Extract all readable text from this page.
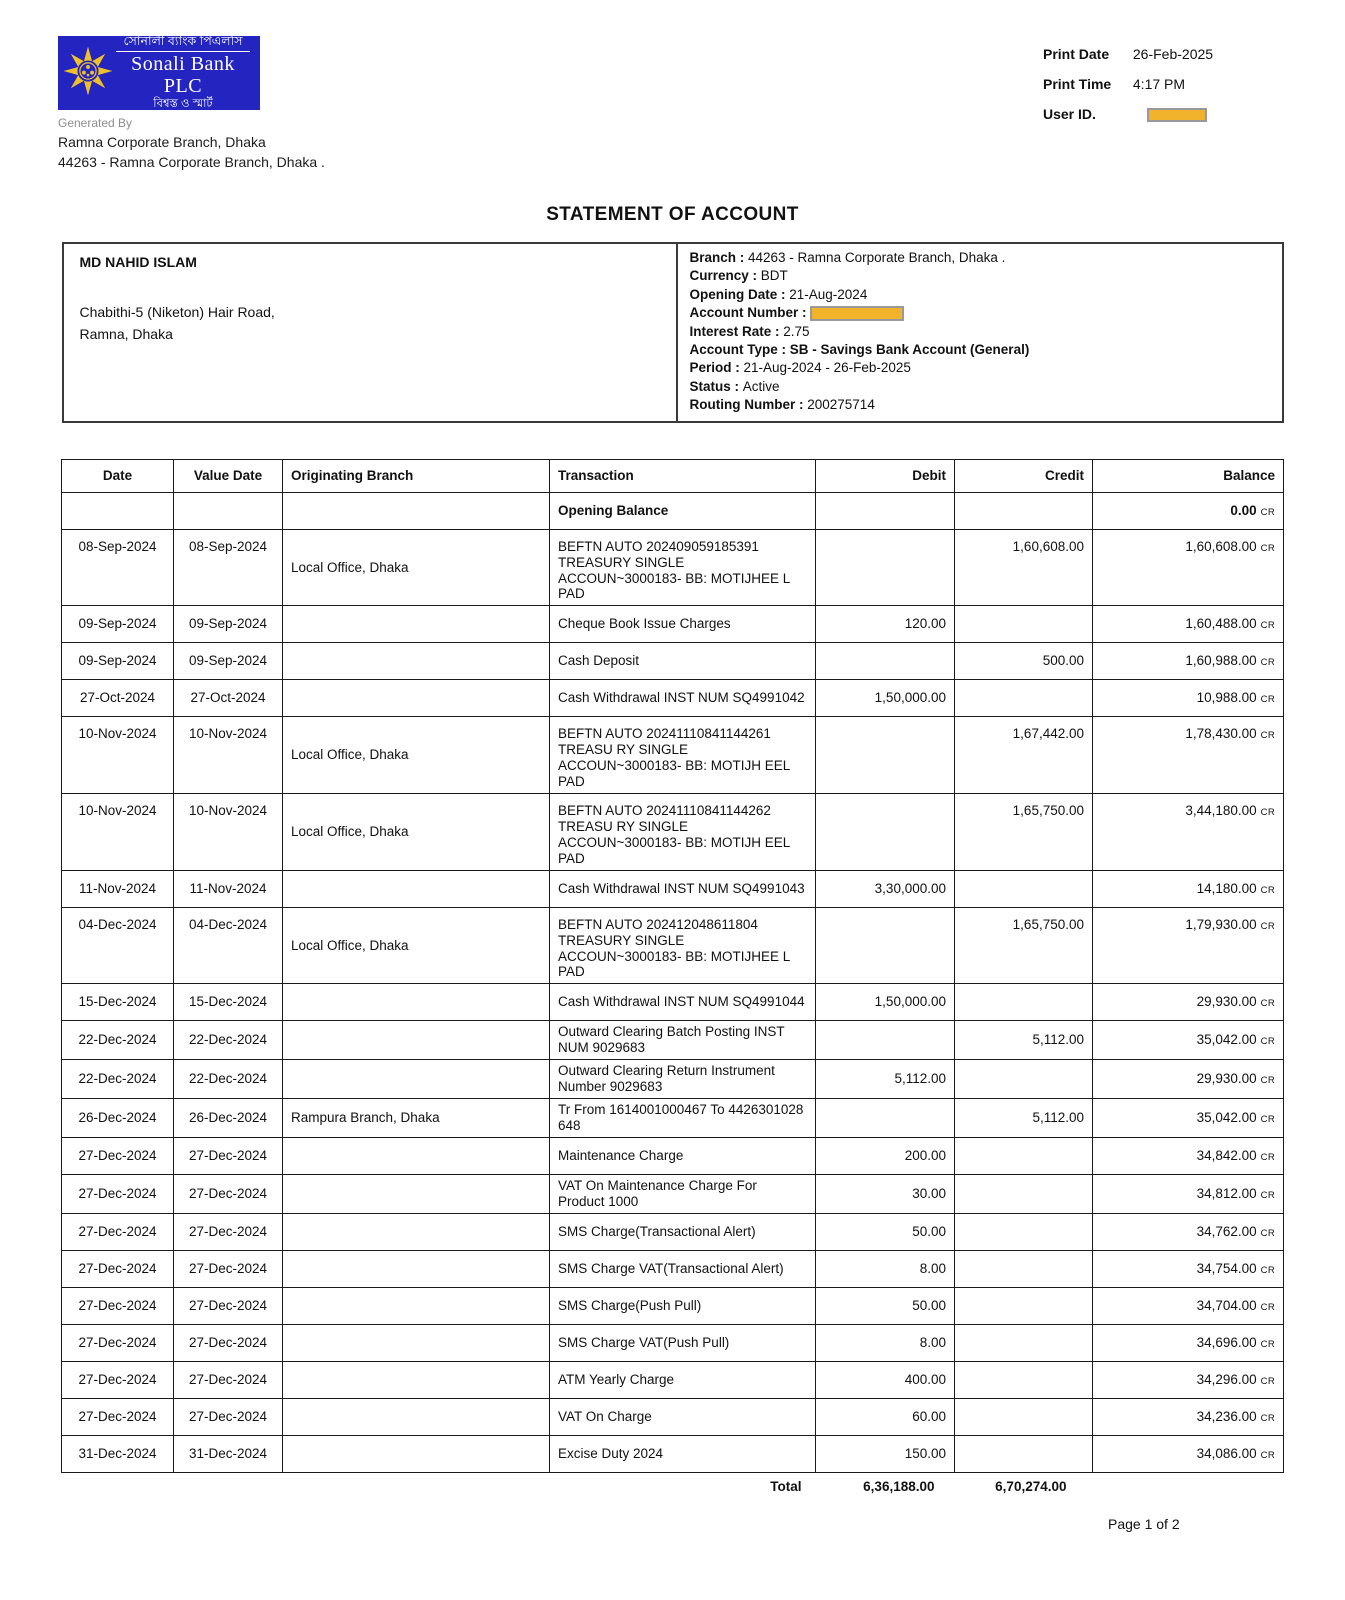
সোনালী ব্যাংক পিএলসি
Sonali Bank PLC
বিশ্বস্ত ও স্মার্ট
Generated By
Ramna Corporate Branch, Dhaka
44263 - Ramna Corporate Branch, Dhaka .
Print Date 26-Feb-2025
Print Time 4:17 PM
User ID.
STATEMENT OF ACCOUNT
MD NAHID ISLAM
Chabithi-5 (Niketon) Hair Road,
Ramna, Dhaka
Branch : 44263 - Ramna Corporate Branch, Dhaka .
Currency : BDT
Opening Date : 21-Aug-2024
Account Number :
Interest Rate : 2.75
Account Type : SB - Savings Bank Account (General)
Period : 21-Aug-2024 - 26-Feb-2025
Status : Active
Routing Number : 200275714
Date	Value Date	Originating Branch	Transaction	Debit	Credit	Balance
			Opening Balance			0.00 CR
08-Sep-2024	08-Sep-2024	Local Office, Dhaka	BEFTN AUTO 202409059185391 TREASURY SINGLE ACCOUN~3000183- BB: MOTIJHEE L PAD		1,60,608.00	1,60,608.00 CR
09-Sep-2024	09-Sep-2024		Cheque Book Issue Charges	120.00		1,60,488.00 CR
09-Sep-2024	09-Sep-2024		Cash Deposit		500.00	1,60,988.00 CR
27-Oct-2024	27-Oct-2024		Cash Withdrawal INST NUM SQ4991042	1,50,000.00		10,988.00 CR
10-Nov-2024	10-Nov-2024	Local Office, Dhaka	BEFTN AUTO 20241110841144261 TREASU RY SINGLE ACCOUN~3000183- BB: MOTIJH EEL PAD		1,67,442.00	1,78,430.00 CR
10-Nov-2024	10-Nov-2024	Local Office, Dhaka	BEFTN AUTO 20241110841144262 TREASU RY SINGLE ACCOUN~3000183- BB: MOTIJH EEL PAD		1,65,750.00	3,44,180.00 CR
11-Nov-2024	11-Nov-2024		Cash Withdrawal INST NUM SQ4991043	3,30,000.00		14,180.00 CR
04-Dec-2024	04-Dec-2024	Local Office, Dhaka	BEFTN AUTO 202412048611804 TREASURY SINGLE ACCOUN~3000183- BB: MOTIJHEE L PAD		1,65,750.00	1,79,930.00 CR
15-Dec-2024	15-Dec-2024		Cash Withdrawal INST NUM SQ4991044	1,50,000.00		29,930.00 CR
22-Dec-2024	22-Dec-2024		Outward Clearing Batch Posting INST NUM 9029683		5,112.00	35,042.00 CR
22-Dec-2024	22-Dec-2024		Outward Clearing Return Instrument Number 9029683	5,112.00		29,930.00 CR
26-Dec-2024	26-Dec-2024	Rampura Branch, Dhaka	Tr From 1614001000467 To 4426301028 648		5,112.00	35,042.00 CR
27-Dec-2024	27-Dec-2024		Maintenance Charge	200.00		34,842.00 CR
27-Dec-2024	27-Dec-2024		VAT On Maintenance Charge For Product 1000	30.00		34,812.00 CR
27-Dec-2024	27-Dec-2024		SMS Charge(Transactional Alert)	50.00		34,762.00 CR
27-Dec-2024	27-Dec-2024		SMS Charge VAT(Transactional Alert)	8.00		34,754.00 CR
27-Dec-2024	27-Dec-2024		SMS Charge(Push Pull)	50.00		34,704.00 CR
27-Dec-2024	27-Dec-2024		SMS Charge VAT(Push Pull)	8.00		34,696.00 CR
27-Dec-2024	27-Dec-2024		ATM Yearly Charge	400.00		34,296.00 CR
27-Dec-2024	27-Dec-2024		VAT On Charge	60.00		34,236.00 CR
31-Dec-2024	31-Dec-2024		Excise Duty 2024	150.00		34,086.00 CR
Total	6,36,188.00	6,70,274.00
Page 1 of 2
